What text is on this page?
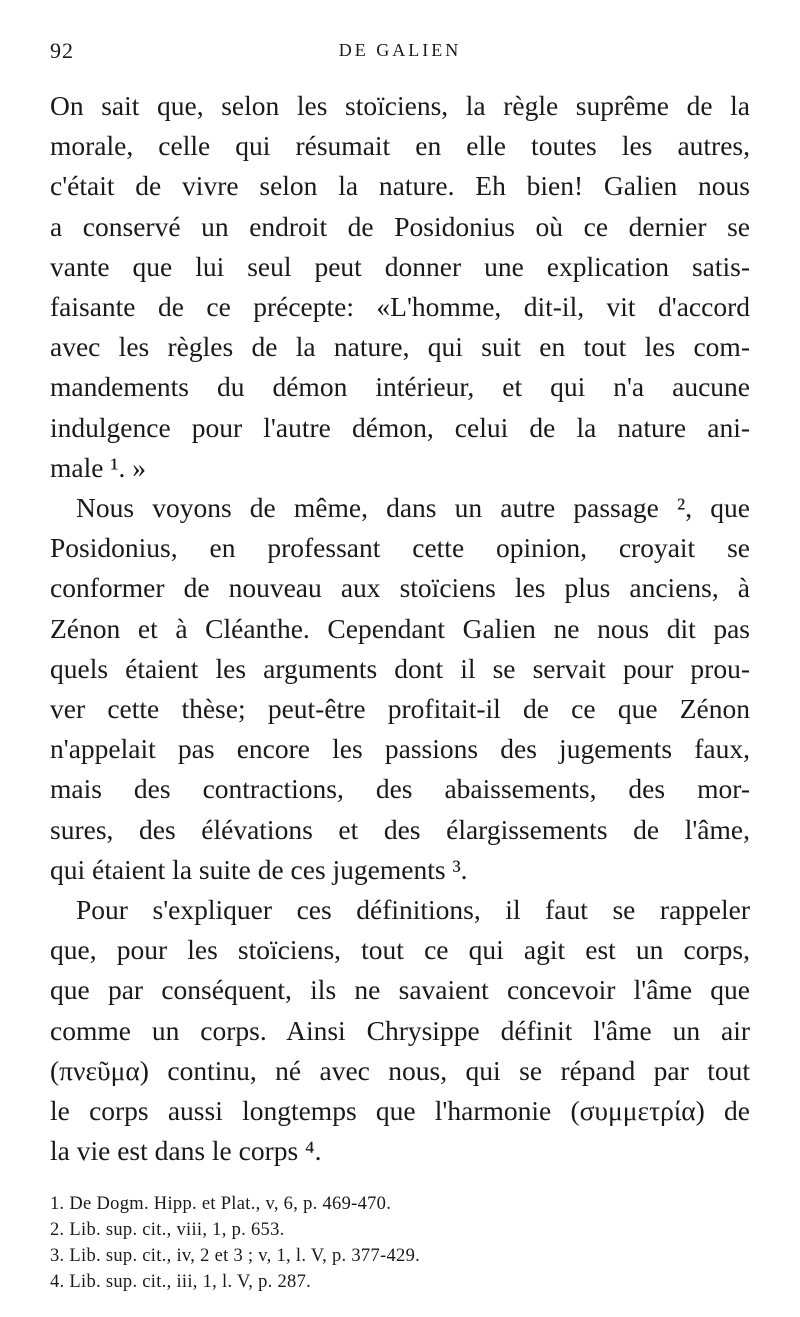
92	DE GALIEN
On sait que, selon les stoïciens, la règle suprême de la
morale, celle qui résumait en elle toutes les autres,
c'était de vivre selon la nature. Eh bien! Galien nous
a conservé un endroit de Posidonius où ce dernier se
vante que lui seul peut donner une explication satis-
faisante de ce précepte: «L'homme, dit-il, vit d'accord
avec les règles de la nature, qui suit en tout les com-
mandements du démon intérieur, et qui n'a aucune
indulgence pour l'autre démon, celui de la nature ani-
male ¹. »
Nous voyons de même, dans un autre passage ², que
Posidonius, en professant cette opinion, croyait se
conformer de nouveau aux stoïciens les plus anciens, à
Zénon et à Cléanthe. Cependant Galien ne nous dit pas
quels étaient les arguments dont il se servait pour prou-
ver cette thèse; peut-être profitait-il de ce que Zénon
n'appelait pas encore les passions des jugements faux,
mais des contractions, des abaissements, des mor-
sures, des élévations et des élargissements de l'âme,
qui étaient la suite de ces jugements ³.
Pour s'expliquer ces définitions, il faut se rappeler
que, pour les stoïciens, tout ce qui agit est un corps,
que par conséquent, ils ne savaient concevoir l'âme que
comme un corps. Ainsi Chrysippe définit l'âme un air
(πνεῦμα) continu, né avec nous, qui se répand par tout
le corps aussi longtemps que l'harmonie (συμμετρία) de
la vie est dans le corps ⁴.
1. De Dogm. Hipp. et Plat., v, 6, p. 469-470.
2. Lib. sup. cit., viii, 1, p. 653.
3. Lib. sup. cit., iv, 2 et 3 ; v, 1, l. V, p. 377-429.
4. Lib. sup. cit., iii, 1, l. V, p. 287.
